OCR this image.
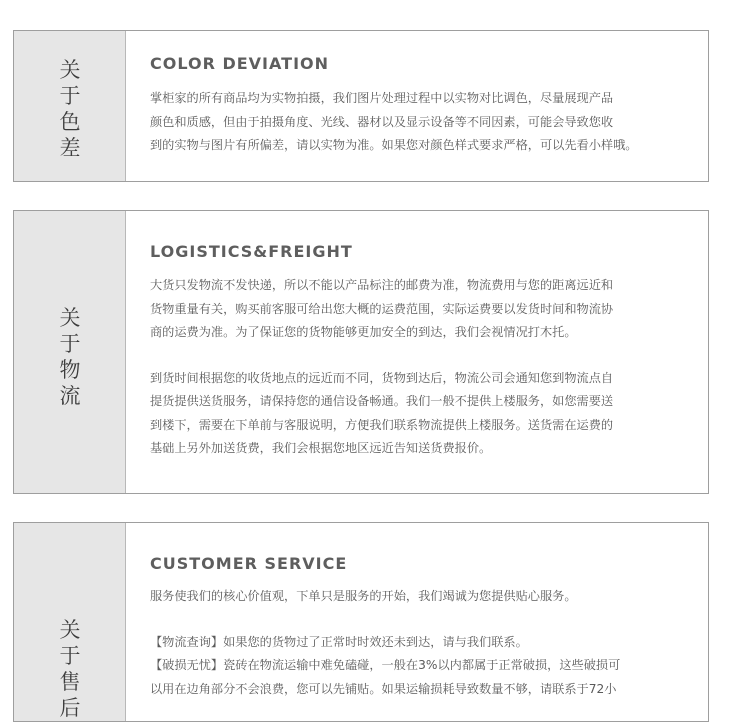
关
于
色
差
COLOR DEVIATION

掌柜家的所有商品均为实物拍摄，我们图片处理过程中以实物对比调色，尽量展现产品
颜色和质感，但由于拍摄角度、光线、器材以及显示设备等不同因素，可能会导致您收
到的实物与图片有所偏差，请以实物为准。如果您对颜色样式要求严格，可以先看小样哦。

关
于
物
流
LOGISTICS&FREIGHT

大货只发物流不发快递，所以不能以产品标注的邮费为准，物流费用与您的距离远近和
货物重量有关，购买前客服可给出您大概的运费范围，实际运费要以发货时间和物流协
商的运费为准。为了保证您的货物能够更加安全的到达，我们会视情况打木托。

到货时间根据您的收货地点的远近而不同，货物到达后，物流公司会通知您到物流点自
提货提供送货服务，请保持您的通信设备畅通。我们一般不提供上楼服务，如您需要送
到楼下，需要在下单前与客服说明，方便我们联系物流提供上楼服务。送货需在运费的
基础上另外加送货费，我们会根据您地区远近告知送货费报价。

关
于
售
后
CUSTOMER SERVICE

服务使我们的核心价值观，下单只是服务的开始，我们竭诚为您提供贴心服务。

【物流查询】如果您的货物过了正常时时效还未到达，请与我们联系。
【破损无忧】瓷砖在物流运输中难免磕碰，一般在3%以内都属于正常破损，这些破损可
以用在边角部分不会浪费，您可以先铺贴。如果运输损耗导致数量不够，请联系于72小
